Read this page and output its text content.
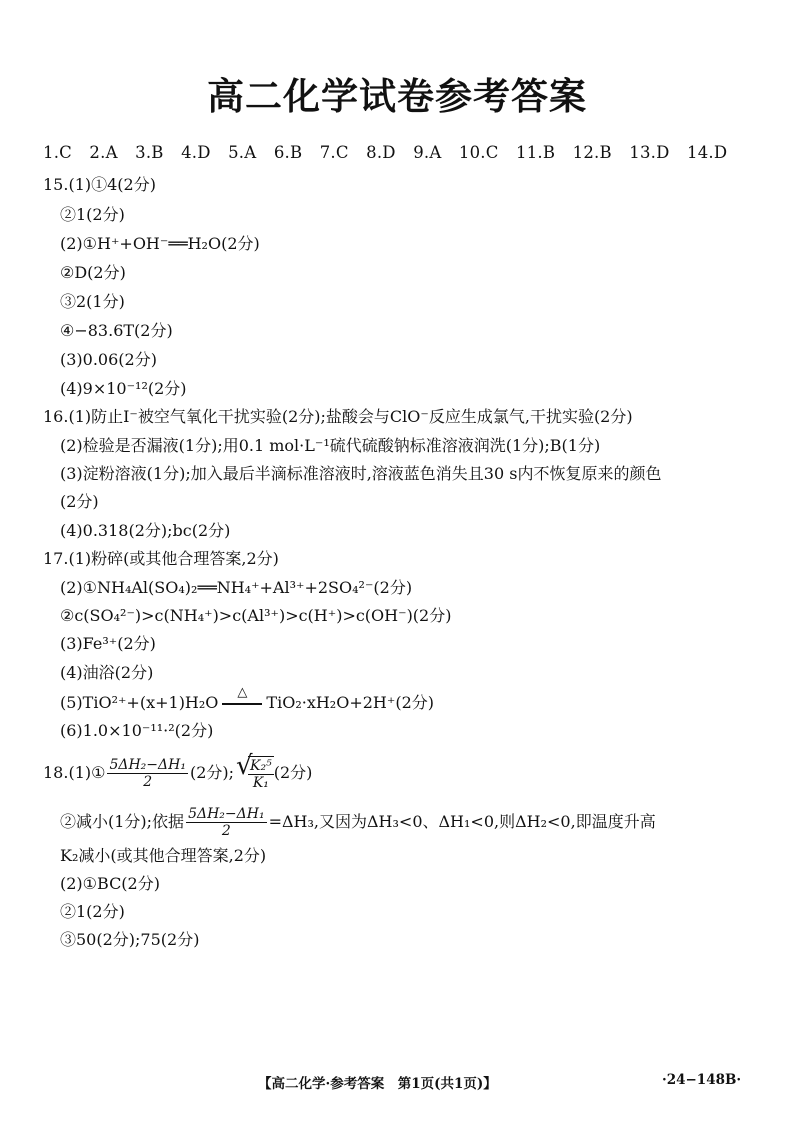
高二化学试卷参考答案
1.C 2.A 3.B 4.D 5.A 6.B 7.C 8.D 9.A 10.C 11.B 12.B 13.D 14.D
15.(1)①4(2分)
②1(2分)
(2)①H⁺+OH⁻══H₂O(2分)
②D(2分)
③2(1分)
④−83.6T(2分)
(3)0.06(2分)
(4)9×10⁻¹²(2分)
16.(1)防止I⁻被空气氧化干扰实验(2分);盐酸会与ClO⁻反应生成氯气,干扰实验(2分)
(2)检验是否漏液(1分);用0.1 mol·L⁻¹硫代硫酸钠标准溶液润洗(1分);B(1分)
(3)淀粉溶液(1分);加入最后半滴标准溶液时,溶液蓝色消失且30 s内不恢复原来的颜色
(2分)
(4)0.318(2分);bc(2分)
17.(1)粉碎(或其他合理答案,2分)
(2)①NH₄Al(SO₄)₂══NH₄⁺+Al³⁺+2SO₄²⁻(2分)
②c(SO₄²⁻)>c(NH₄⁺)>c(Al³⁺)>c(H⁺)>c(OH⁻)(2分)
(3)Fe³⁺(2分)
(4)油浴(2分)
(5)TiO²⁺+(x+1)H₂O
△
TiO₂·xH₂O+2H⁺(2分)
(6)1.0×10⁻¹¹·²(2分)
18.(1)① $\frac{\text{5ΔH₂−ΔH₁}}{2} (2$分); √
$\frac{\text{K₂⁵}}{\text{K₁}} (2$分)
②减小(1分);依据 $\frac{\text{5ΔH₂−ΔH₁}}{2} =\Delta H_3$,又因为ΔH₃<0、ΔH₁<0,则ΔH₂<0,即温度升高
K₂减小(或其他合理答案,2分)
(2)①BC(2分)
②1(2分)
③50(2分);75(2分)
【高二化学·参考答案　第1页(共1页)】	·24−148B·
